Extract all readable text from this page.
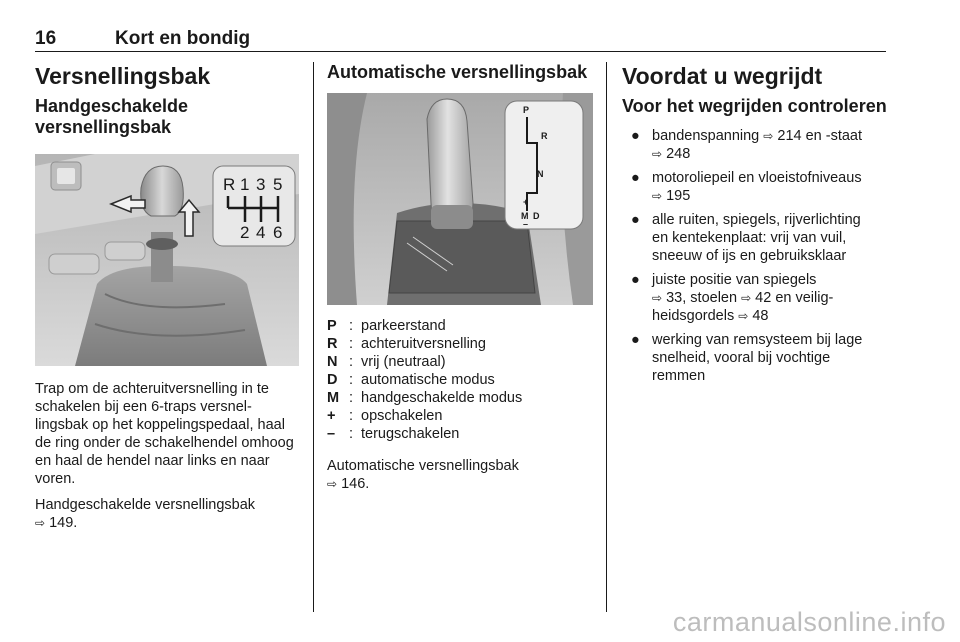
16	Kort en bondig
Versnellingsbak
Handgeschakelde
versnellingsbak
R 1 3 5
2 4 6

Trap om de achteruitversnelling in te schakelen bij een 6-traps versnellingsbak op het koppelingspedaal, haal de ring onder de schakelhendel omhoog en haal de hendel naar links en naar voren.

Handgeschakelde versnellingsbak
⇨ 149.

Automatische versnellingsbak
P
R
N
+
M D
–
P : parkeerstand
R : achteruitversnelling
N : vrij (neutraal)
D : automatische modus
M : handgeschakelde modus
+ : opschakelen
– : terugschakelen

Automatische versnellingsbak
⇨ 146.

Voordat u wegrijdt
Voor het wegrijden controleren
● bandenspanning ⇨ 214 en -staat
⇨ 248
● motoroliepeil en vloeistofniveaus
⇨ 195
● alle ruiten, spiegels, rijverlichting
en kentekenplaat: vrij van vuil,
sneeuw of ijs en gebruiksklaar
● juiste positie van spiegels
⇨ 33, stoelen ⇨ 42 en veilig-
heidsgordels ⇨ 48
● werking van remsysteem bij lage
snelheid, vooral bij vochtige
remmen
carmanualsonline.info
